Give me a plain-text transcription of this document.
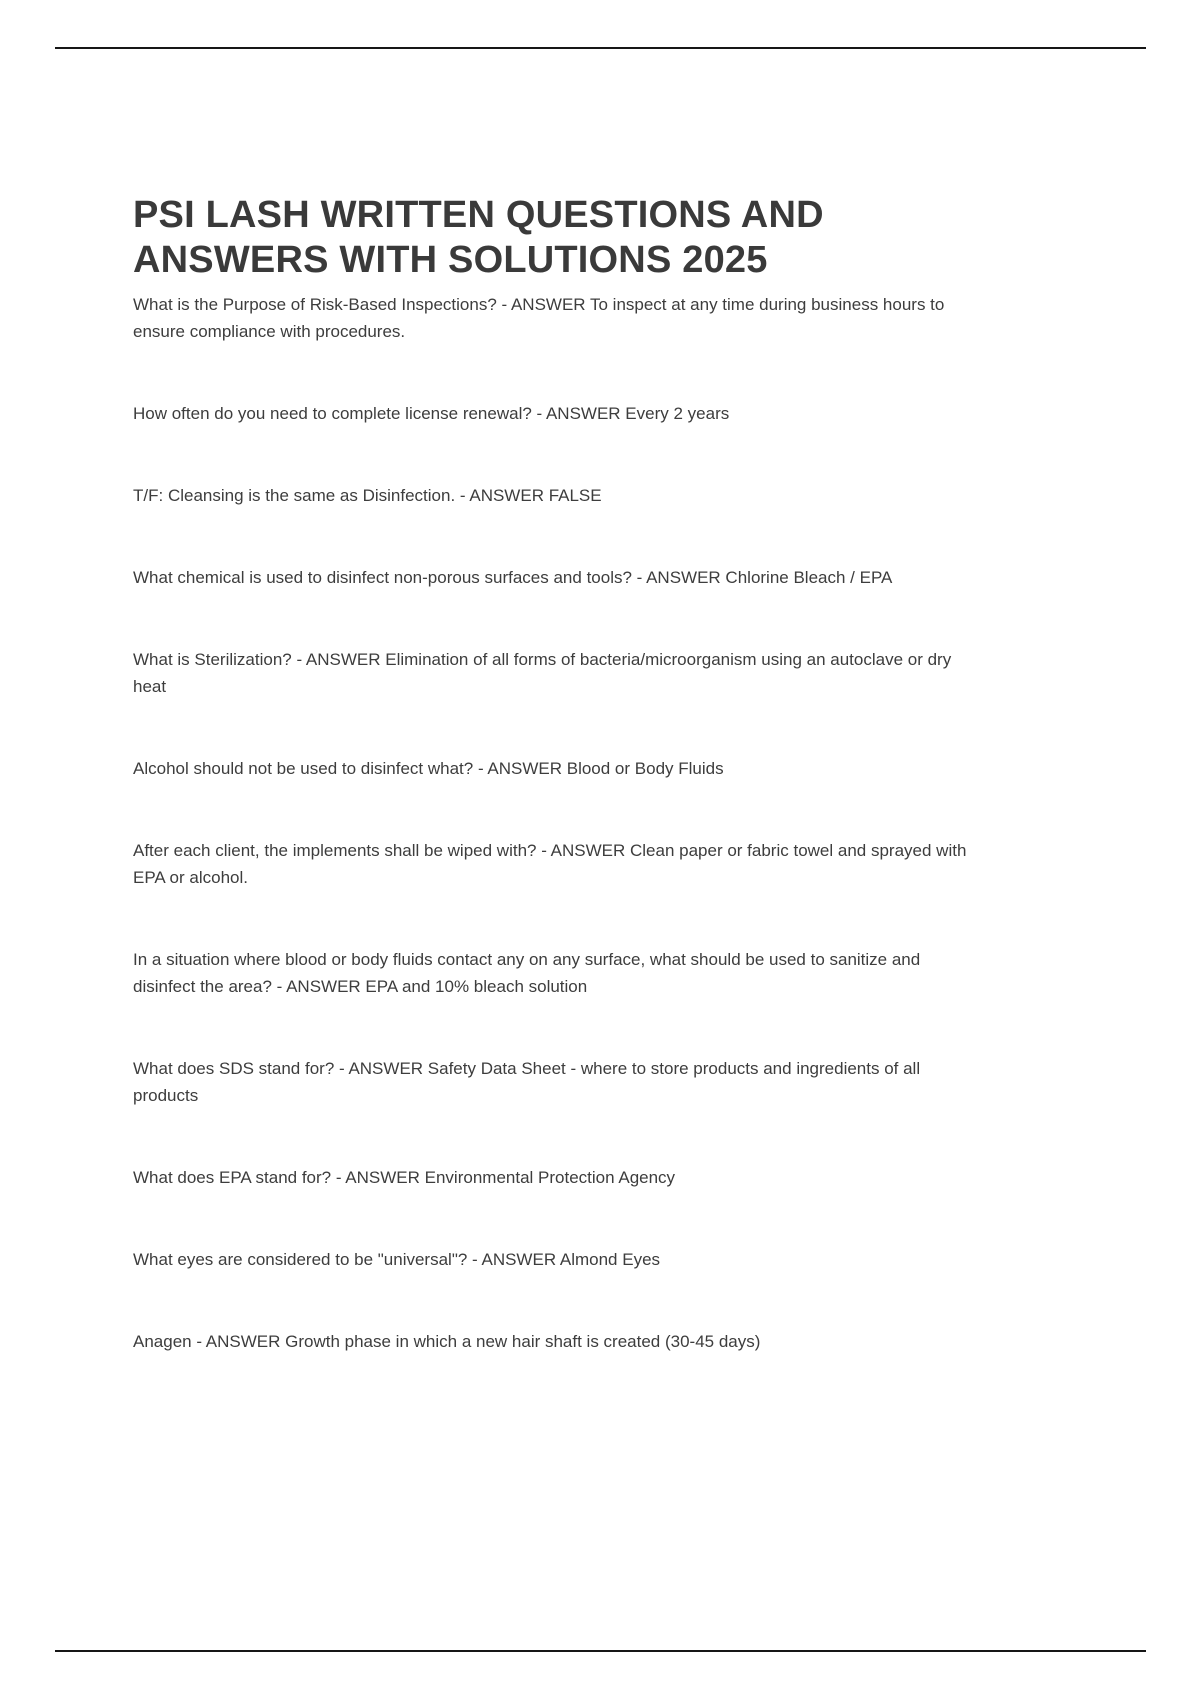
PSI LASH WRITTEN QUESTIONS AND ANSWERS WITH SOLUTIONS 2025

What is the Purpose of Risk-Based Inspections? - ANSWER To inspect at any time during business hours to ensure compliance with procedures.

How often do you need to complete license renewal? - ANSWER Every 2 years

T/F: Cleansing is the same as Disinfection. - ANSWER FALSE

What chemical is used to disinfect non-porous surfaces and tools? - ANSWER Chlorine Bleach / EPA

What is Sterilization? - ANSWER Elimination of all forms of bacteria/microorganism using an autoclave or dry heat

Alcohol should not be used to disinfect what? - ANSWER Blood or Body Fluids

After each client, the implements shall be wiped with? - ANSWER Clean paper or fabric towel and sprayed with EPA or alcohol.

In a situation where blood or body fluids contact any on any surface, what should be used to sanitize and disinfect the area? - ANSWER EPA and 10% bleach solution

What does SDS stand for? - ANSWER Safety Data Sheet - where to store products and ingredients of all products

What does EPA stand for? - ANSWER Environmental Protection Agency

What eyes are considered to be "universal"? - ANSWER Almond Eyes

Anagen - ANSWER Growth phase in which a new hair shaft is created (30-45 days)
